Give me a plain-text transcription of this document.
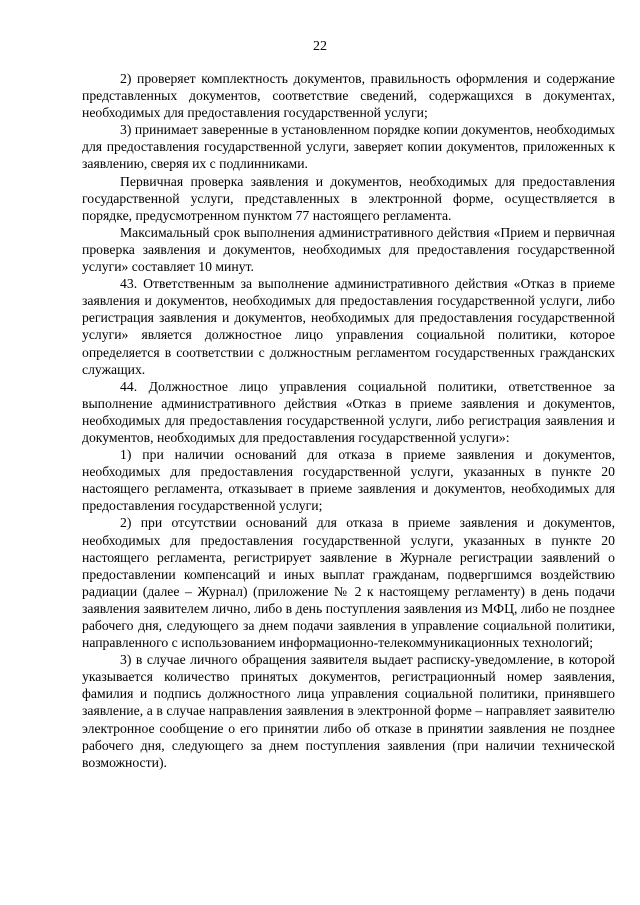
22

2) проверяет комплектность документов, правильность оформления и содержание представленных документов, соответствие сведений, содержащихся в документах, необходимых для предоставления государственной услуги;

3) принимает заверенные в установленном порядке копии документов, необходимых для предоставления государственной услуги, заверяет копии документов, приложенных к заявлению, сверяя их с подлинниками.

Первичная проверка заявления и документов, необходимых для предоставления государственной услуги, представленных в электронной форме, осуществляется в порядке, предусмотренном пунктом 77 настоящего регламента.

Максимальный срок выполнения административного действия «Прием и первичная проверка заявления и документов, необходимых для предоставления государственной услуги» составляет 10 минут.

43. Ответственным за выполнение административного действия «Отказ в приеме заявления и документов, необходимых для предоставления государственной услуги, либо регистрация заявления и документов, необходимых для предоставления государственной услуги» является должностное лицо управления социальной политики, которое определяется в соответствии с должностным регламентом государственных гражданских служащих.

44. Должностное лицо управления социальной политики, ответственное за выполнение административного действия «Отказ в приеме заявления и документов, необходимых для предоставления государственной услуги, либо регистрация заявления и документов, необходимых для предоставления государственной услуги»:

1) при наличии оснований для отказа в приеме заявления и документов, необходимых для предоставления государственной услуги, указанных в пункте 20 настоящего регламента, отказывает в приеме заявления и документов, необходимых для предоставления государственной услуги;

2) при отсутствии оснований для отказа в приеме заявления и документов, необходимых для предоставления государственной услуги, указанных в пункте 20 настоящего регламента, регистрирует заявление в Журнале регистрации заявлений о предоставлении компенсаций и иных выплат гражданам, подвергшимся воздействию радиации (далее – Журнал) (приложение № 2 к настоящему регламенту) в день подачи заявления заявителем лично, либо в день поступления заявления из МФЦ, либо не позднее рабочего дня, следующего за днем подачи заявления в управление социальной политики, направленного с использованием информационно-телекоммуникационных технологий;

3) в случае личного обращения заявителя выдает расписку-уведомление, в которой указывается количество принятых документов, регистрационный номер заявления, фамилия и подпись должностного лица управления социальной политики, принявшего заявление, а в случае направления заявления в электронной форме – направляет заявителю электронное сообщение о его принятии либо об отказе в принятии заявления не позднее рабочего дня, следующего за днем поступления заявления (при наличии технической возможности).
